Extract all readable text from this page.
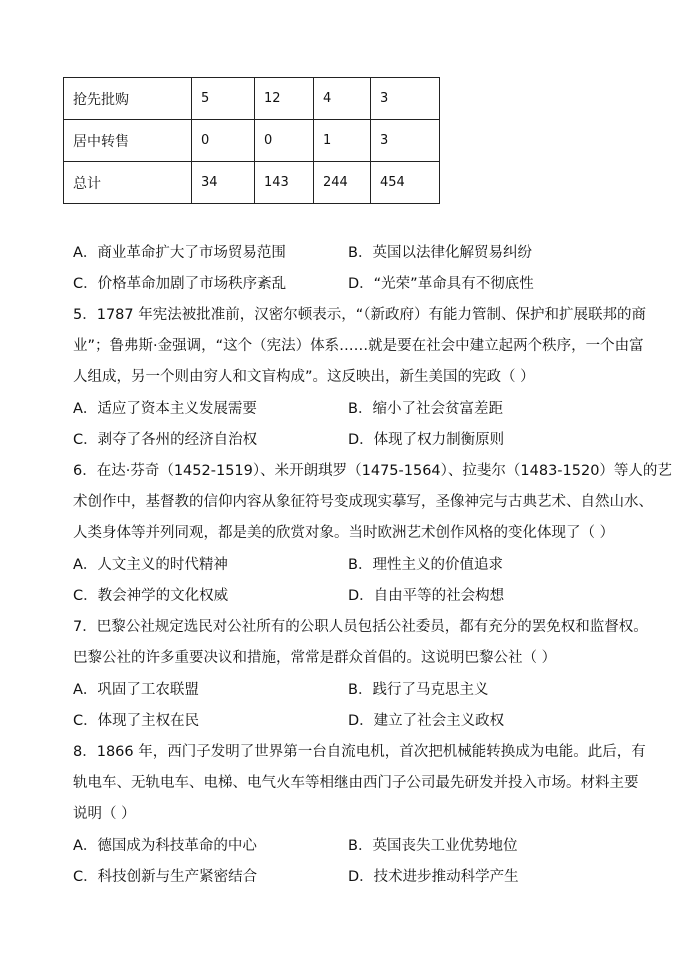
抢先批购	5	12	4	3
居中转售	0	0	1	3
总计	34	143	244	454
A．商业革命扩大了市场贸易范围	B．英国以法律化解贸易纠纷
C．价格革命加剧了市场秩序紊乱	D．“光荣”革命具有不彻底性
5．1787 年宪法被批准前，汉密尔顿表示，“（新政府）有能力管制、保护和扩展联邦的商
业”；鲁弗斯·金强调，“这个（宪法）体系……就是要在社会中建立起两个秩序，一个由富
人组成，另一个则由穷人和文盲构成”。这反映出，新生美国的宪政（ ）
A．适应了资本主义发展需要	B．缩小了社会贫富差距
C．剥夺了各州的经济自治权	D．体现了权力制衡原则
6．在达·芬奇（1452-1519）、米开朗琪罗（1475-1564）、拉斐尔（1483-1520）等人的艺
术创作中，基督教的信仰内容从象征符号变成现实摹写，圣像神完与古典艺术、自然山水、
人类身体等并列同观，都是美的欣赏对象。当时欧洲艺术创作风格的变化体现了（ ）
A．人文主义的时代精神	B．理性主义的价值追求
C．教会神学的文化权威	D．自由平等的社会构想
7．巴黎公社规定选民对公社所有的公职人员包括公社委员，都有充分的罢免权和监督权。
巴黎公社的许多重要决议和措施，常常是群众首倡的。这说明巴黎公社（ ）
A．巩固了工农联盟	B．践行了马克思主义
C．体现了主权在民	D．建立了社会主义政权
8．1866 年，西门子发明了世界第一台自流电机，首次把机械能转换成为电能。此后，有
轨电车、无轨电车、电梯、电气火车等相继由西门子公司最先研发并投入市场。材料主要
说明（ ）
A．德国成为科技革命的中心	B．英国丧失工业优势地位
C．科技创新与生产紧密结合	D．技术进步推动科学产生
